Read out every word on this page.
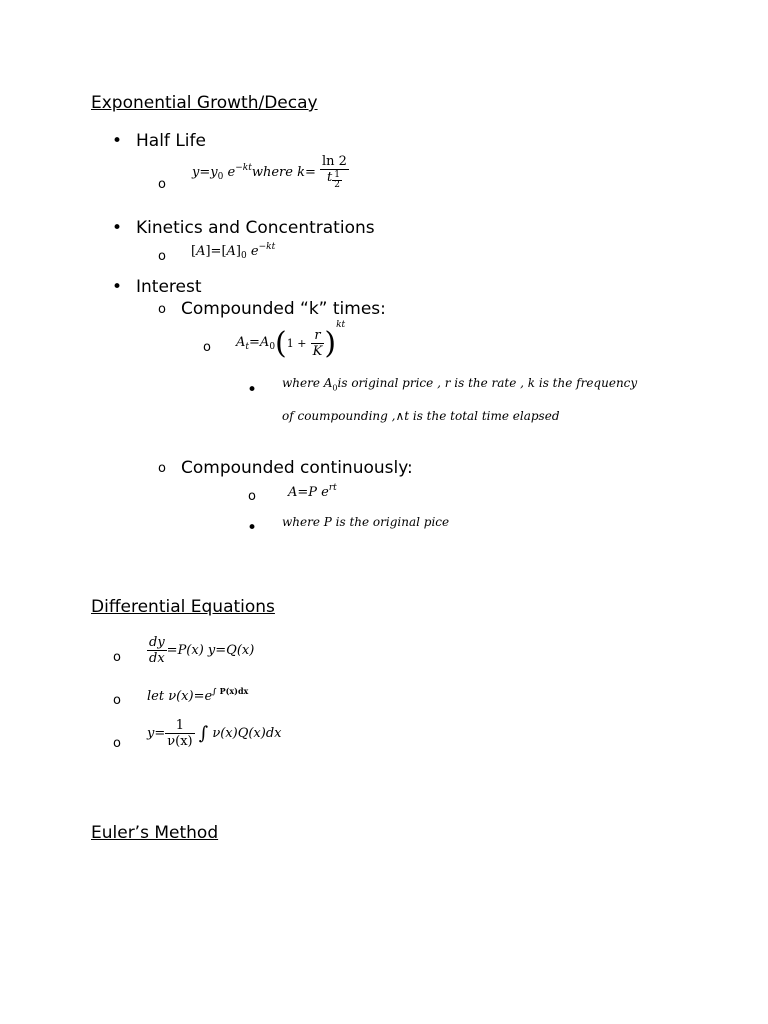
Exponential Growth/Decay
• Half Life
o
$y=y_0$ $e^{-kt}where$ $k= \frac{\ln 2}{t \frac{1}{2}}$
• Kinetics and Concentrations
o $[A]=[A]_0$ $e^{-kt}$
• Interest
o Compounded “k” times:
o $A_t=A_0(1 + \frac{r}{K} )^{kt}$
• where $A_0is$ original price , r is the rate , k is the frequency
of coumpounding ,∧t is the total time elapsed
o Compounded continuously:
o A=P $e^{rt}$
• where P is the original pice
Differential Equations
o $\frac{dy}{dx} =P(x)$ y=Q(x)
o let $\nu(x)=e^{\int P(x)dx}$
o
$y= \frac{1}{\nu(x)}$ ∫ ν(x)Q(x)dx
Euler’s Method
